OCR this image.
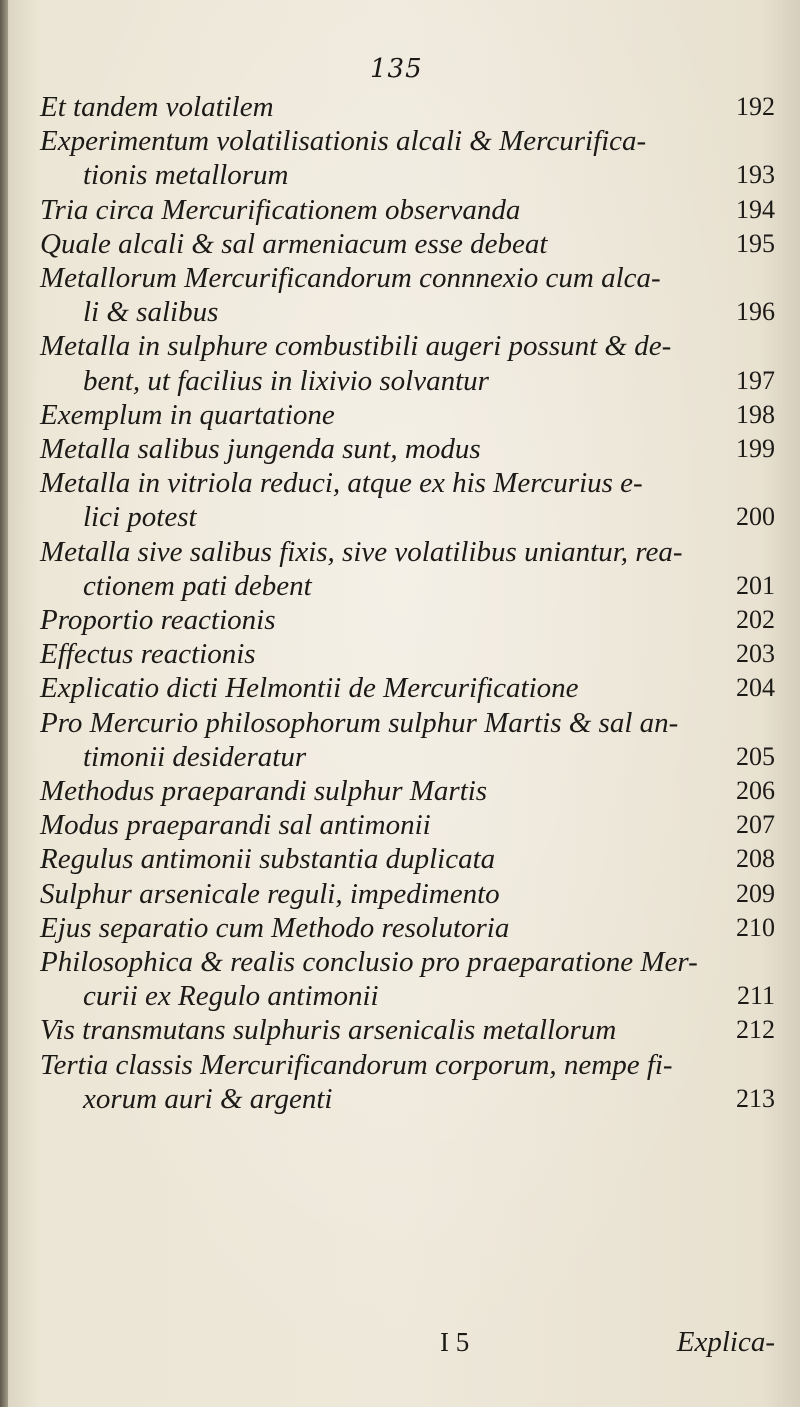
135
Et tandem volatilem	192
Experimentum volatilisationis alcali & Mercurifica-
tionis metallorum	193
Tria circa Mercurificationem observanda	194
Quale alcali & sal armeniacum esse debeat	195
Metallorum Mercurificandorum connnexio cum alca-
li & salibus	196
Metalla in sulphure combustibili augeri possunt & de-
bent, ut facilius in lixivio solvantur	197
Exemplum in quartatione	198
Metalla salibus jungenda sunt, modus	199
Metalla in vitriola reduci, atque ex his Mercurius e-
lici potest	200
Metalla sive salibus fixis, sive volatilibus uniantur, rea-
ctionem pati debent	201
Proportio reactionis	202
Effectus reactionis	203
Explicatio dicti Helmontii de Mercurificatione	204
Pro Mercurio philosophorum sulphur Martis & sal an-
timonii desideratur	205
Methodus praeparandi sulphur Martis	206
Modus praeparandi sal antimonii	207
Regulus antimonii substantia duplicata	208
Sulphur arsenicale reguli, impedimento	209
Ejus separatio cum Methodo resolutoria	210
Philosophica & realis conclusio pro praeparatione Mer-
curii ex Regulo antimonii	211
Vis transmutans sulphuris arsenicalis metallorum	212
Tertia classis Mercurificandorum corporum, nempe fi-
xorum auri & argenti	213
I 5	Explica-
